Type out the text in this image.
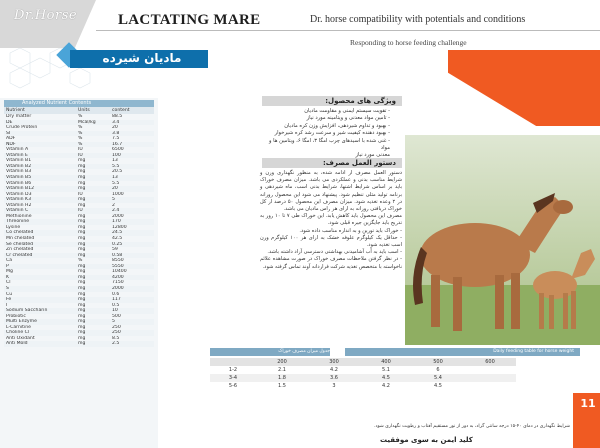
Dr.Horse	LACTATING MARE	Dr. horse compatibility with potentials and conditions
Responding to horse feeding challenge
مادیان شیرده
Analyzed Nutrient Contents
Nutrient	Units	content
Dry matter	%	88.5
DE	Mcal/kg	3.4
Crude Protein	%	20
SI	%	3.8
ADF	%	7.5
NDF	%	16.7
Vitamin A	IU	6500
Vitamin E	IU	100
Vitamin B1	mg	13
Vitamin B2	mg	5.5
Vitamin B3	mg	20.5
Vitamin B5	mg	13
Vitamin B6	mg	5.5
Vitamin B12	mg	20
Vitamin D3	IU	1000
Vitamin K3	mg	5
Vitamin H2	mg	2
Vitamin C	IU	2.4
Methionine	mg	2000
Threonine	mg	170
Lysine	mg	12800
Co chelated	mg	24.5
Mn chelated	mg	42.5
Se chelated	mg	0.25
Zn chelated	mg	59
Cr chelated	mg	0.58
Ca	%	8550
P	mg	5550
Mg	mg	10400
K	mg	4200
Cl	mg	7150
S	mg	2000
Cu	mg	0.6
Fe	mg	117
I	mg	0.5
Sodium Saccharin	mg	10
Probiotic	mg	500
Multi Enzyme	mg	5
L-Carnitine	mg	250
Choline Cl	mg	250
Anti Oxidant	mg	8.5
Anti Mold	mg	2.5
ویژگی های محصول:
- تقویت سیستم ایمنی و مقاومت مادیان
- تامین مواد معدنی و ویتامینه مورد نیاز
- بهبود و تداوم شیردهی، افزایش وزن کره مادیان
- بهبود دهنده کیفیت شیر و سرعت رشد کره شیرخوار
- غنی شده با اسیدهای چرب امگا ۳، امگا ۶، ویتامین ها و مواد
معدنی مورد نیاز
دستور العمل مصرف:

دستور العمل مصرف از ادامه شده، به منظور نگهداری وزن و شرایط مناسب بدنی و عملکردی می باشد. میزان مصرف خوراک باید بر اساس شرایط اشتها، شرایط بدنی اسب، ماه شیردهی و برنامه تولید مثلی تنظیم شود. پیشنهاد می شود این محصول روزانه در ۲ وعده تغذیه شود. میزان مصرف این محصول ۵۰ درصد از کل خوراک دریافتی روزانه به ازای هر راس مادیان می باشد.

مصرف این محصول باید کاهش یابد. این خوراک طی ۷ تا ۱۰ روز به تدریج باید جایگزین جیره قبلی شود.

- خوراک باید توزین و به اندازه مناسب داده شود.

- حداقل یک کیلوگرم علوفه خشک به ازای هر ۱۰۰ کیلوگرم وزن اسب تغذیه شود.

- اسب باید به آب آشامیدنی بهداشتی دسترسی آزاد داشته باشد.

- در نظر گرفتن ملاحظات مصرف خوراک در صورت مشاهده علائم ناخواسته با متخصص تغذیه شرکت فرازدانه آوند تماس گرفته شود.

جدول میزان مصرف خوراک	Daily feeding table for horse weight
	200	300	400	500	600
1-2	2.1	4.2	5.1	6	
3-4	1.8	3.6	4.5	5.4	
5-6	1.5	3	4.2	4.5	
شرایط نگهداری در دمای ۴۰-۱۵ درجه سانتی گراد، به دور از نور مستقیم آفتاب و رطوبت نگهداری شود.
کلید ایمن به سوی موفقیت
11
